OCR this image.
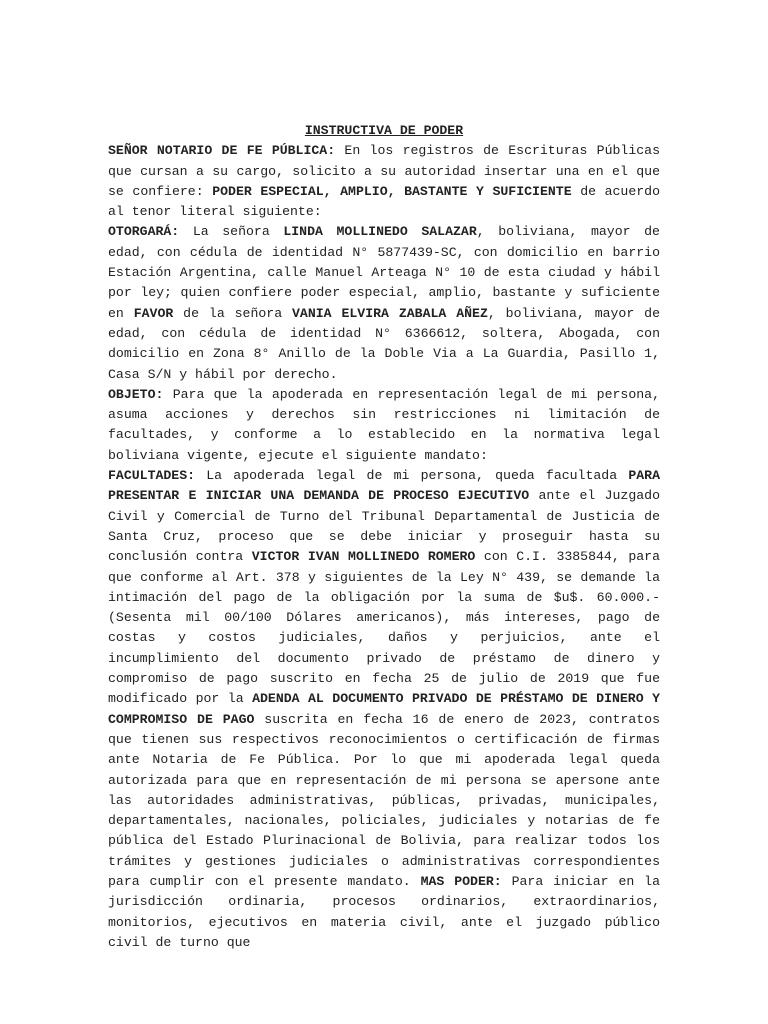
INSTRUCTIVA DE PODER

SEÑOR NOTARIO DE FE PÚBLICA: En los registros de Escrituras Públicas que cursan a su cargo, solicito a su autoridad insertar una en el que se confiere: PODER ESPECIAL, AMPLIO, BASTANTE Y SUFICIENTE de acuerdo al tenor literal siguiente:

OTORGARÁ: La señora LINDA MOLLINEDO SALAZAR, boliviana, mayor de edad, con cédula de identidad N° 5877439-SC, con domicilio en barrio Estación Argentina, calle Manuel Arteaga N° 10 de esta ciudad y hábil por ley; quien confiere poder especial, amplio, bastante y suficiente en FAVOR de la señora VANIA ELVIRA ZABALA AÑEZ, boliviana, mayor de edad, con cédula de identidad N° 6366612, soltera, Abogada, con domicilio en Zona 8° Anillo de la Doble Via a La Guardia, Pasillo 1, Casa S/N y hábil por derecho.

OBJETO: Para que la apoderada en representación legal de mi persona, asuma acciones y derechos sin restricciones ni limitación de facultades, y conforme a lo establecido en la normativa legal boliviana vigente, ejecute el siguiente mandato:

FACULTADES: La apoderada legal de mi persona, queda facultada PARA PRESENTAR E INICIAR UNA DEMANDA DE PROCESO EJECUTIVO ante el Juzgado Civil y Comercial de Turno del Tribunal Departamental de Justicia de Santa Cruz, proceso que se debe iniciar y proseguir hasta su conclusión contra VICTOR IVAN MOLLINEDO ROMERO con C.I. 3385844, para que conforme al Art. 378 y siguientes de la Ley N° 439, se demande la intimación del pago de la obligación por la suma de $u$. 60.000.- (Sesenta mil 00/100 Dólares americanos), más intereses, pago de costas y costos judiciales, daños y perjuicios, ante el incumplimiento del documento privado de préstamo de dinero y compromiso de pago suscrito en fecha 25 de julio de 2019 que fue modificado por la ADENDA AL DOCUMENTO PRIVADO DE PRÉSTAMO DE DINERO Y COMPROMISO DE PAGO suscrita en fecha 16 de enero de 2023, contratos que tienen sus respectivos reconocimientos o certificación de firmas ante Notaria de Fe Pública. Por lo que mi apoderada legal queda autorizada para que en representación de mi persona se apersone ante las autoridades administrativas, públicas, privadas, municipales, departamentales, nacionales, policiales, judiciales y notarias de fe pública del Estado Plurinacional de Bolivia, para realizar todos los trámites y gestiones judiciales o administrativas correspondientes para cumplir con el presente mandato. MAS PODER: Para iniciar en la jurisdicción ordinaria, procesos ordinarios, extraordinarios, monitorios, ejecutivos en materia civil, ante el juzgado público civil de turno que
